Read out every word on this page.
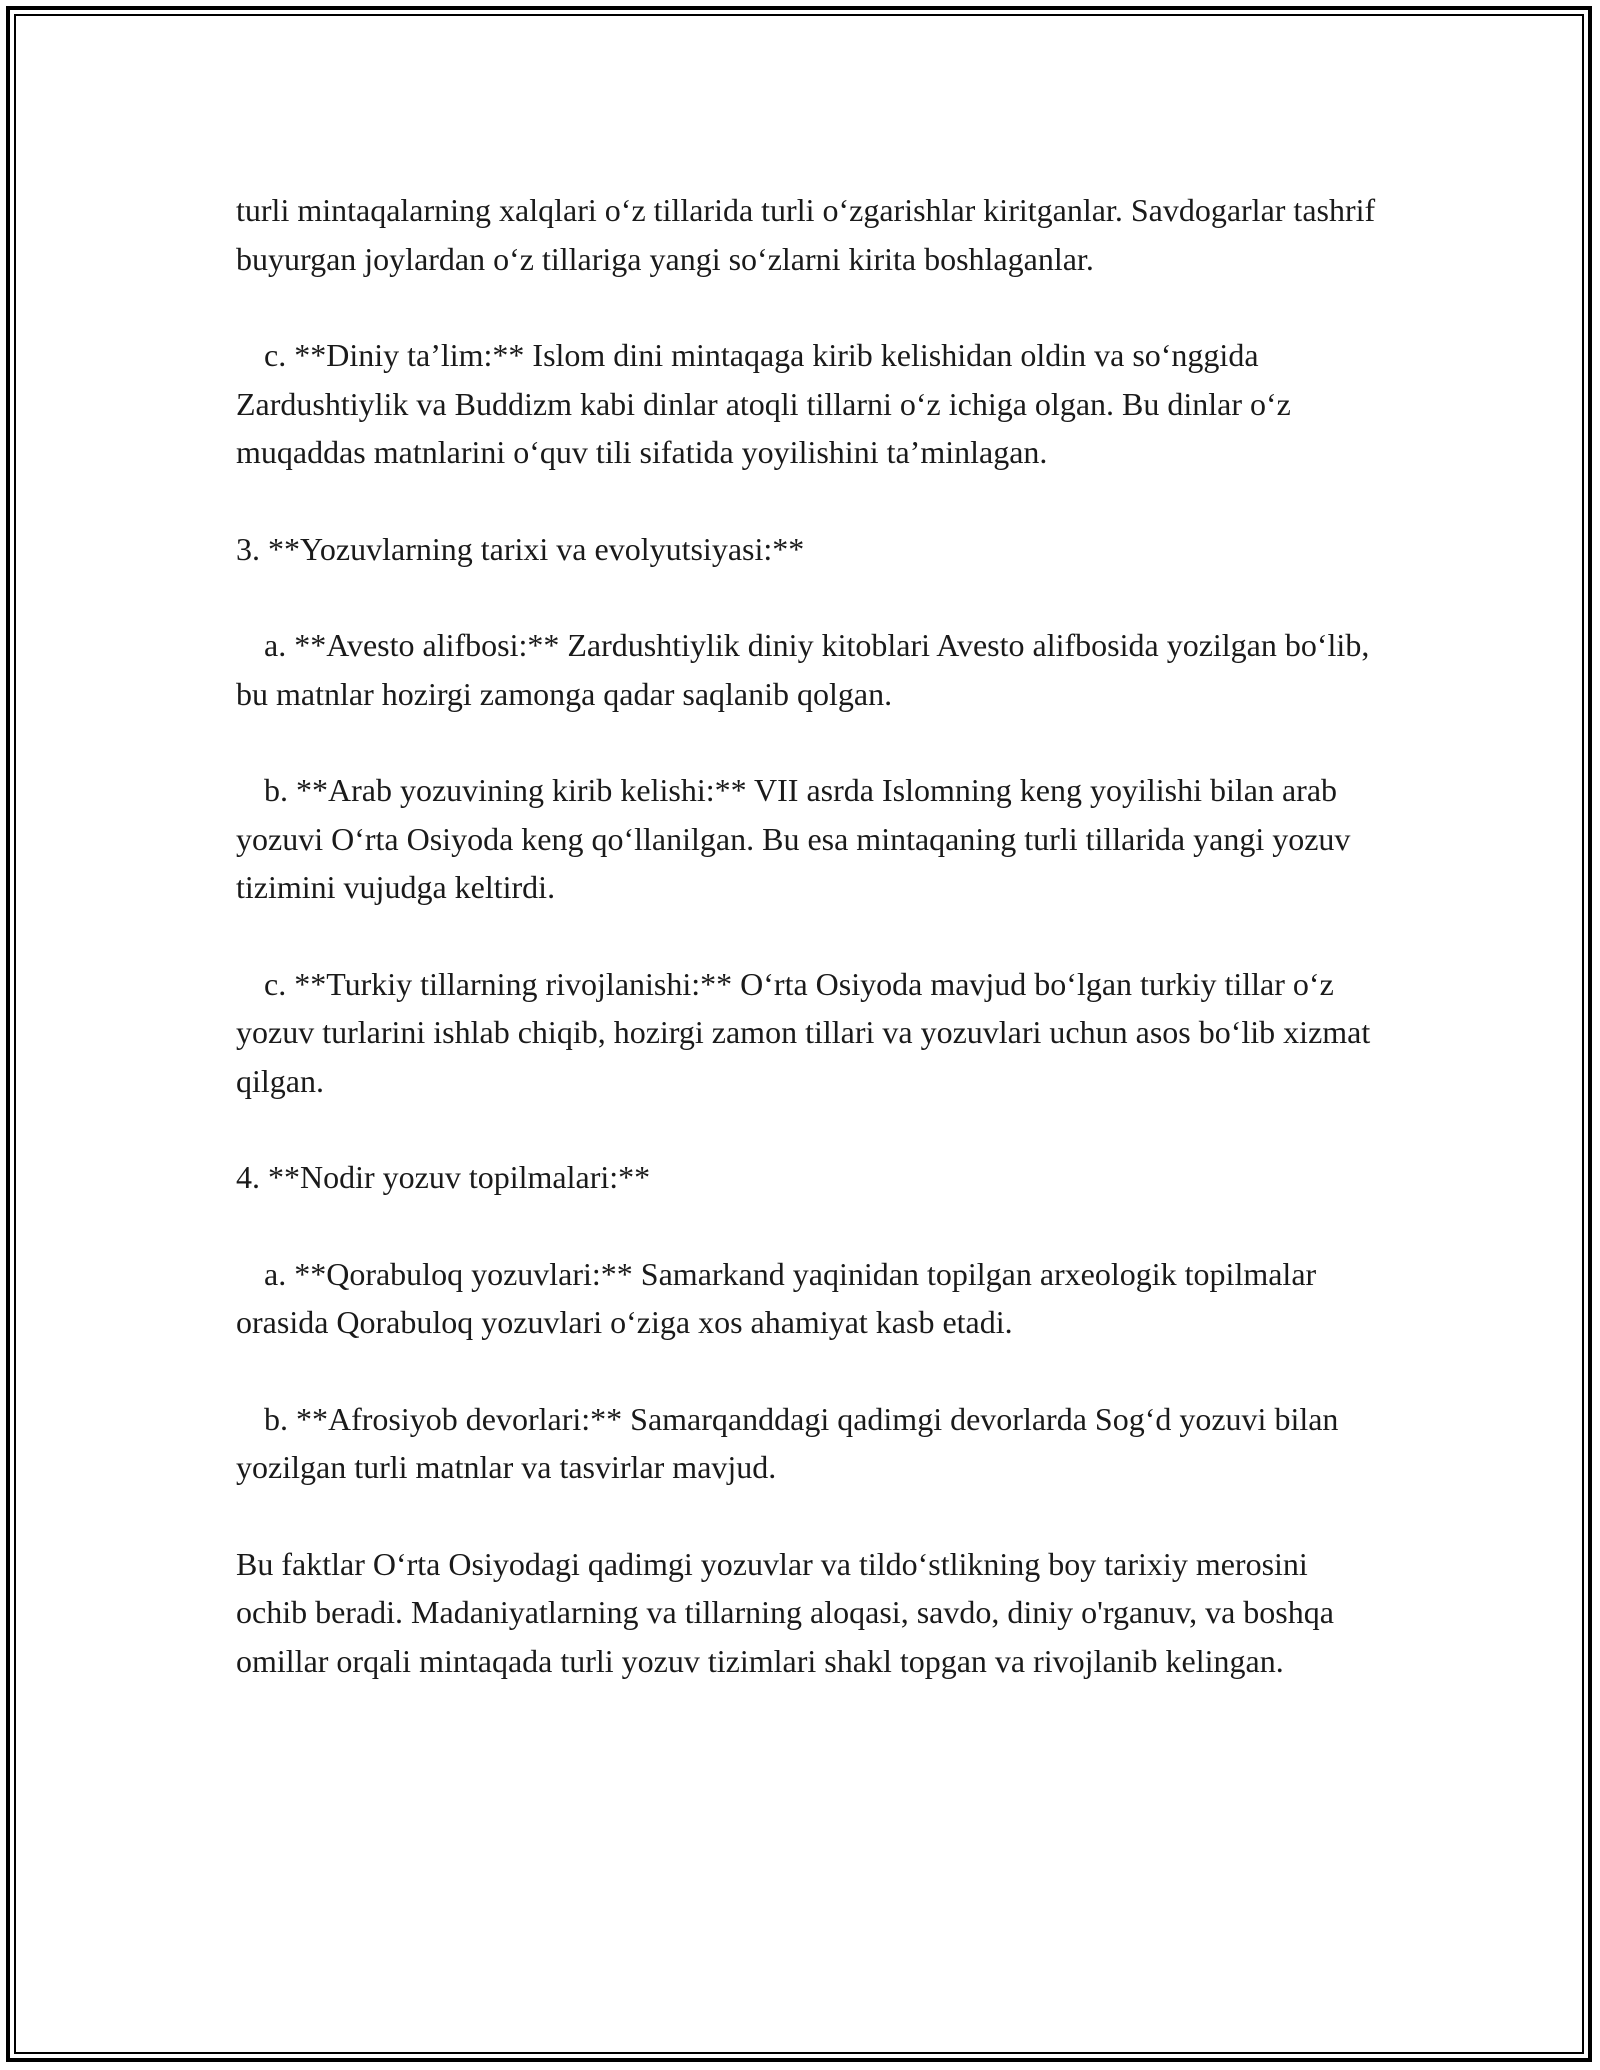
turli mintaqalarning xalqlari o‘z tillarida turli o‘zgarishlar kiritganlar. Savdogarlar tashrif buyurgan joylardan o‘z tillariga yangi so‘zlarni kirita boshlaganlar.

c. **Diniy ta’lim:** Islom dini mintaqaga kirib kelishidan oldin va so‘nggida Zardushtiylik va Buddizm kabi dinlar atoqli tillarni o‘z ichiga olgan. Bu dinlar o‘z muqaddas matnlarini o‘quv tili sifatida yoyilishini ta’minlagan.

3. **Yozuvlarning tarixi va evolyutsiyasi:**

a. **Avesto alifbosi:** Zardushtiylik diniy kitoblari Avesto alifbosida yozilgan bo‘lib, bu matnlar hozirgi zamonga qadar saqlanib qolgan.

b. **Arab yozuvining kirib kelishi:** VII asrda Islomning keng yoyilishi bilan arab yozuvi O‘rta Osiyoda keng qo‘llanilgan. Bu esa mintaqaning turli tillarida yangi yozuv tizimini vujudga keltirdi.

c. **Turkiy tillarning rivojlanishi:** O‘rta Osiyoda mavjud bo‘lgan turkiy tillar o‘z yozuv turlarini ishlab chiqib, hozirgi zamon tillari va yozuvlari uchun asos bo‘lib xizmat qilgan.

4. **Nodir yozuv topilmalari:**

a. **Qorabuloq yozuvlari:** Samarkand yaqinidan topilgan arxeologik topilmalar orasida Qorabuloq yozuvlari o‘ziga xos ahamiyat kasb etadi.

b. **Afrosiyob devorlari:** Samarqanddagi qadimgi devorlarda Sog‘d yozuvi bilan yozilgan turli matnlar va tasvirlar mavjud.

Bu faktlar O‘rta Osiyodagi qadimgi yozuvlar va tildo‘stlikning boy tarixiy merosini ochib beradi. Madaniyatlarning va tillarning aloqasi, savdo, diniy o'rganuv, va boshqa omillar orqali mintaqada turli yozuv tizimlari shakl topgan va rivojlanib kelingan.
